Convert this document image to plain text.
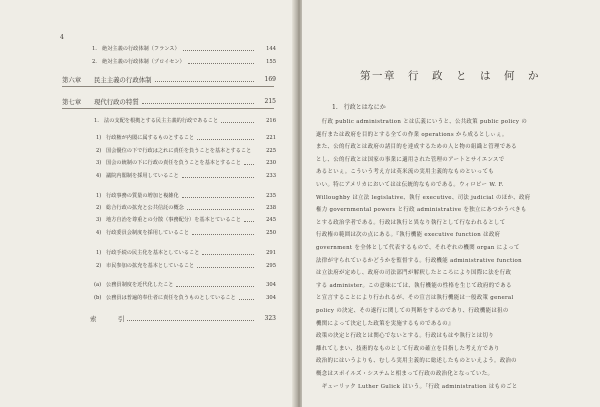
4
1. 絶対主義の行政体制（フランス）	144
2. 絶対主義の行政体制（プロイセン）	155
第六章 民主主義の行政体制	169
第七章 現代行政の特質	215
1. 法の支配を根拠とする民主主義的行政であること	216
1) 行政権が内閣に属するものとすること	221
2) 国会優位の下で行政は之れに責任を負うことを基本とすること	225
3) 国会の統制の下に行政の責任を負うことを基本とすること	230
4) 議院内閣制を採用していること	233
1) 行政事務の質量の増加と複雑化	235
2) 総合行政の拡充と公共信託の概念	238
3) 地方自治を尊重との分散（事務配分）を基本とていること	245
4) 行政委員会制度を採用していること	250
1) 行政手続の民主化を基本としていること	291
2) 市民参加の拡充を基本としていること	295
(a) 公務員制度を近代化したこと	304
(b) 公務員は普遍的奉仕者に責任を負うものとしていること	304
索	引	323
第一章 行 政 と は 何 か
1.　行政とはなにか
　行政 public administration とは広義にいうと、公共政策 public policy の
遂行または政府を目的とする全ての作業 operations から成るとしぃぇ。
また、公的行政とは政府の諸目的を達成するための人と物の組織と管理である
とし、公的行政とは国家の事業に適用された管理のアートとサイエンスで
あるといぇ。こういう考え方は英米流の実用主義的なものといっても
いい。特にアメリカにおいてはは伝統的なものである。ウィロビー W. F.
Willoughby は立法 legislative、執行 executive、司法 judicial のほか、政府
権力 governmental powers と行政 administrative を独立にあつかうべきも
とする政治学者である。行政は執行と異なり執行として行なわれるとして
行政権の範囲は次の点にある。『執行機能 executive function は政府
government を全体として代表するもので、それぞれの機関 organ によって
法律が守られているかどうかを監督する。行政機能 administrative function
は立法府が定めし、政府の司法部門が解釈したところにより国際に法を行政
する administer。この意味にては、執行機能の性格を生じて政府的である
と宣言することにより行われるが、その宣言は執行機能は一般政策 general
policy の決定、その遂行に関しての判断をするのであり、行政機能は狙の
機関によって決定した政策を実施するものであるの』
政策の決定と行政とは関心でないとする。行政はもはや執行とは切り
離れてしまい、技術的なものとして行政の確立を目指した考え方であり
政治的にはいうよりも、むしろ実用主義的に総述したものといえよう。政治の
概念はスポイルズ・システムと相まって行政の政治化となっていた。
　ギューリック Luther Gulick はいう。「行政 administration はものごと
